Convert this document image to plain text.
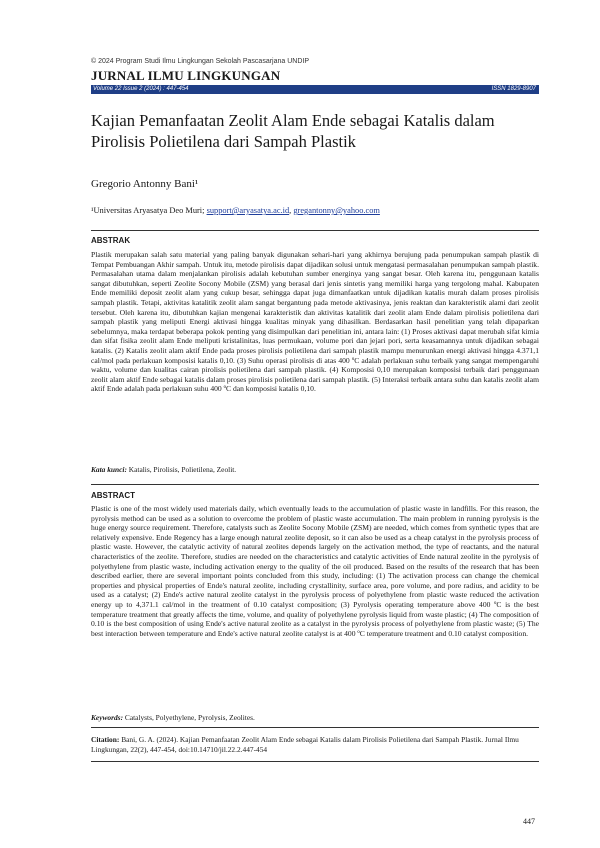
© 2024 Program Studi Ilmu Lingkungan Sekolah Pascasarjana UNDIP
JURNAL ILMU LINGKUNGAN
Volume 22 Issue 2 (2024) : 447-454	ISSN 1829-8907
Kajian Pemanfaatan Zeolit Alam Ende sebagai Katalis dalam Pirolisis Polietilena dari Sampah Plastik
Gregorio Antonny Bani¹
¹Universitas Aryasatya Deo Muri; support@aryasatya.ac.id, gregantonny@yahoo.com
ABSTRAK

Plastik merupakan salah satu material yang paling banyak digunakan sehari-hari yang akhirnya berujung pada penumpukan sampah plastik di Tempat Pembuangan Akhir sampah. Untuk itu, metode pirolisis dapat dijadikan solusi untuk mengatasi permasalahan penumpukan sampah plastik. Permasalahan utama dalam menjalankan pirolisis adalah kebutuhan sumber energinya yang sangat besar. Oleh karena itu, penggunaan katalis sangat dibutuhkan, seperti Zeolite Socony Mobile (ZSM) yang berasal dari jenis sintetis yang memiliki harga yang tergolong mahal. Kabupaten Ende memiliki deposit zeolit alam yang cukup besar, sehingga dapat juga dimanfaatkan untuk dijadikan katalis murah dalam proses pirolisis sampah plastik. Tetapi, aktivitas katalitik zeolit alam sangat bergantung pada metode aktivasinya, jenis reaktan dan karakteristik alami dari zeolit tersebut. Oleh karena itu, dibutuhkan kajian mengenai karakteristik dan aktivitas katalitik dari zeolit alam Ende dalam pirolisis polietilena dari sampah plastik yang meliputi Energi aktivasi hingga kualitas minyak yang dihasilkan. Berdasarkan hasil penelitian yang telah dipaparkan sebelumnya, maka terdapat beberapa pokok penting yang disimpulkan dari penelitian ini, antara lain: (1) Proses aktivasi dapat merubah sifat kimia dan sifat fisika zeolit alam Ende meliputi kristalinitas, luas permukaan, volume pori dan jejari pori, serta keasamannya untuk dijadikan sebagai katalis. (2) Katalis zeolit alam aktif Ende pada proses pirolisis polietilena dari sampah plastik mampu menurunkan energi aktivasi hingga 4.371,1 cal/mol pada perlakuan komposisi katalis 0,10. (3) Suhu operasi pirolisis di atas 400 ºC adalah perlakuan suhu terbaik yang sangat mempengaruhi waktu, volume dan kualitas cairan pirolisis polietilena dari sampah plastik. (4) Komposisi 0,10 merupakan komposisi terbaik dari penggunaan zeolit alam aktif Ende sebagai katalis dalam proses pirolisis polietilena dari sampah plastik. (5) Interaksi terbaik antara suhu dan katalis zeolit alam aktif Ende adalah pada perlakuan suhu 400 ºC dan komposisi katalis 0,10.

Kata kunci: Katalis, Pirolisis, Polietilena, Zeolit.
ABSTRACT

Plastic is one of the most widely used materials daily, which eventually leads to the accumulation of plastic waste in landfills. For this reason, the pyrolysis method can be used as a solution to overcome the problem of plastic waste accumulation. The main problem in running pyrolysis is the huge energy source requirement. Therefore, catalysts such as Zeolite Socony Mobile (ZSM) are needed, which comes from synthetic types that are relatively expensive. Ende Regency has a large enough natural zeolite deposit, so it can also be used as a cheap catalyst in the pyrolysis process of plastic waste. However, the catalytic activity of natural zeolites depends largely on the activation method, the type of reactants, and the natural characteristics of the zeolite. Therefore, studies are needed on the characteristics and catalytic activities of Ende natural zeolite in the pyrolysis of polyethylene from plastic waste, including activation energy to the quality of the oil produced. Based on the results of the research that has been described earlier, there are several important points concluded from this study, including: (1) The activation process can change the chemical properties and physical properties of Ende's natural zeolite, including crystallinity, surface area, pore volume, and pore radius, and acidity to be used as a catalyst; (2) Ende's active natural zeolite catalyst in the pyrolysis process of polyethylene from plastic waste reduced the activation energy up to 4,371.1 cal/mol in the treatment of 0.10 catalyst composition; (3) Pyrolysis operating temperature above 400 ºC is the best temperature treatment that greatly affects the time, volume, and quality of polyethylene pyrolysis liquid from waste plastic; (4) The composition of 0.10 is the best composition of using Ende's active natural zeolite as a catalyst in the pyrolysis process of polyethylene from plastic waste; (5) The best interaction between temperature and Ende's active natural zeolite catalyst is at 400 ºC temperature treatment and 0.10 catalyst composition.

Keywords: Catalysts, Polyethylene, Pyrolysis, Zeolites.

Citation: Bani, G. A. (2024). Kajian Pemanfaatan Zeolit Alam Ende sebagai Katalis dalam Pirolisis Polietilena dari Sampah Plastik. Jurnal Ilmu Lingkungan, 22(2), 447-454, doi:10.14710/jil.22.2.447-454

447
